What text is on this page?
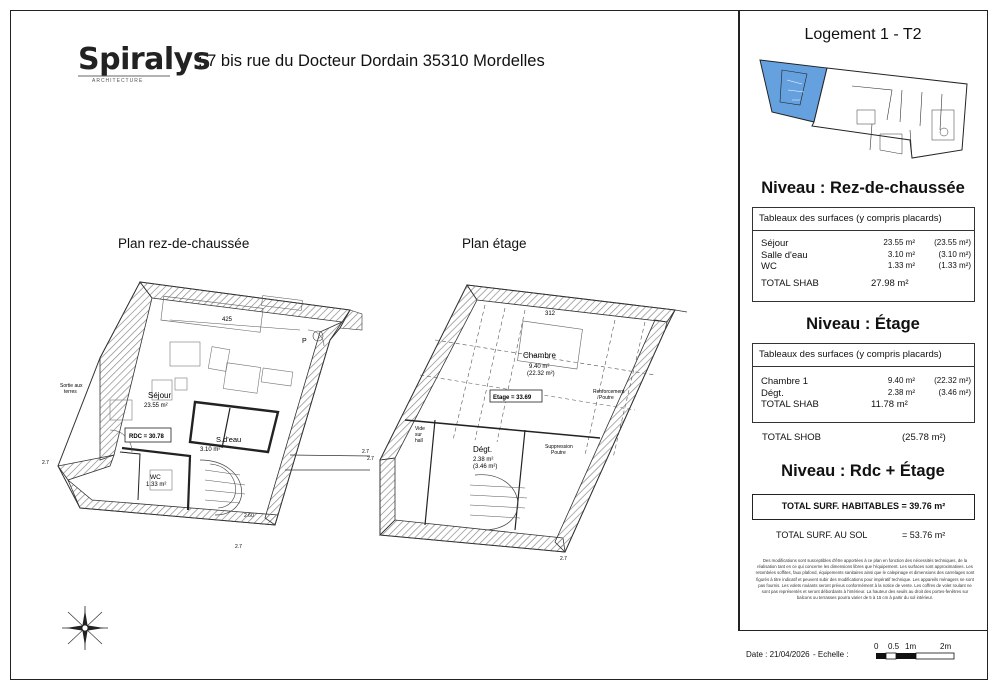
Spiralys
ARCHITECTURE
: 7 bis rue du Docteur Dordain 35310 Mordelles
Plan rez-de-chaussée	Plan étage
425
P
Sortie aux
terres	Séjour
23.55 m²
RDC = 30.78	S.d'eau
3.10 m²
WC
1.33 m²
2.7
2.7
2.7
2.60
312
Chambre
9.40 m²
(22.32 m²)
Etage = 33.69
Renforcement
Poutre
Vide
sur
hall
Dégt.
2.38 m²
(3.46 m²)
Suppression
Poutre
2.7
2.7
Logement 1 - T2
Niveau : Rez-de-chaussée
Tableaux des surfaces (y compris placards)
Séjour	23.55 m²	(23.55 m²)
Salle d'eau	3.10 m²	(3.10 m²)
WC	1.33 m²	(1.33 m²)
TOTAL SHAB	27.98 m²
Niveau : Étage
Tableaux des surfaces (y compris placards)
Chambre 1	9.40 m²	(22.32 m²)
Dégt.	2.38 m²	(3.46 m²)
TOTAL SHAB	11.78 m²
TOTAL SHOB	(25.78 m²)
Niveau : Rdc + Étage
TOTAL SURF. HABITABLES = 39.76 m²
TOTAL SURF. AU SOL	= 53.76 m²
Des modifications sont susceptibles d'être apportées à ce plan en fonction des nécessités techniques, de la réalisation tant en ce qui concerne les dimensions libres que l'équipement. Les surfaces sont approximatives. Les retombées soffites, faux plafond, équipements sanitaires ainsi que le calepinage et dimensions des carrelages sont figurés à titre indicatif et peuvent subir des modifications pour impératif technique. Les appareils ménagers ne sont pas fournis. Les volets roulants seront prévus conformément à la notice de vente. Les coffres de volet roulant ne sont pas représentés et seront débordants à l'intérieur. La hauteur des seuils au droit des portes-fenêtres sur balcons ou terrasses pourra varier de 5 à 15 cm à partir du sol intérieur.
Date : 21/04/2026 - Echelle :
0 0.5 1m	2m
